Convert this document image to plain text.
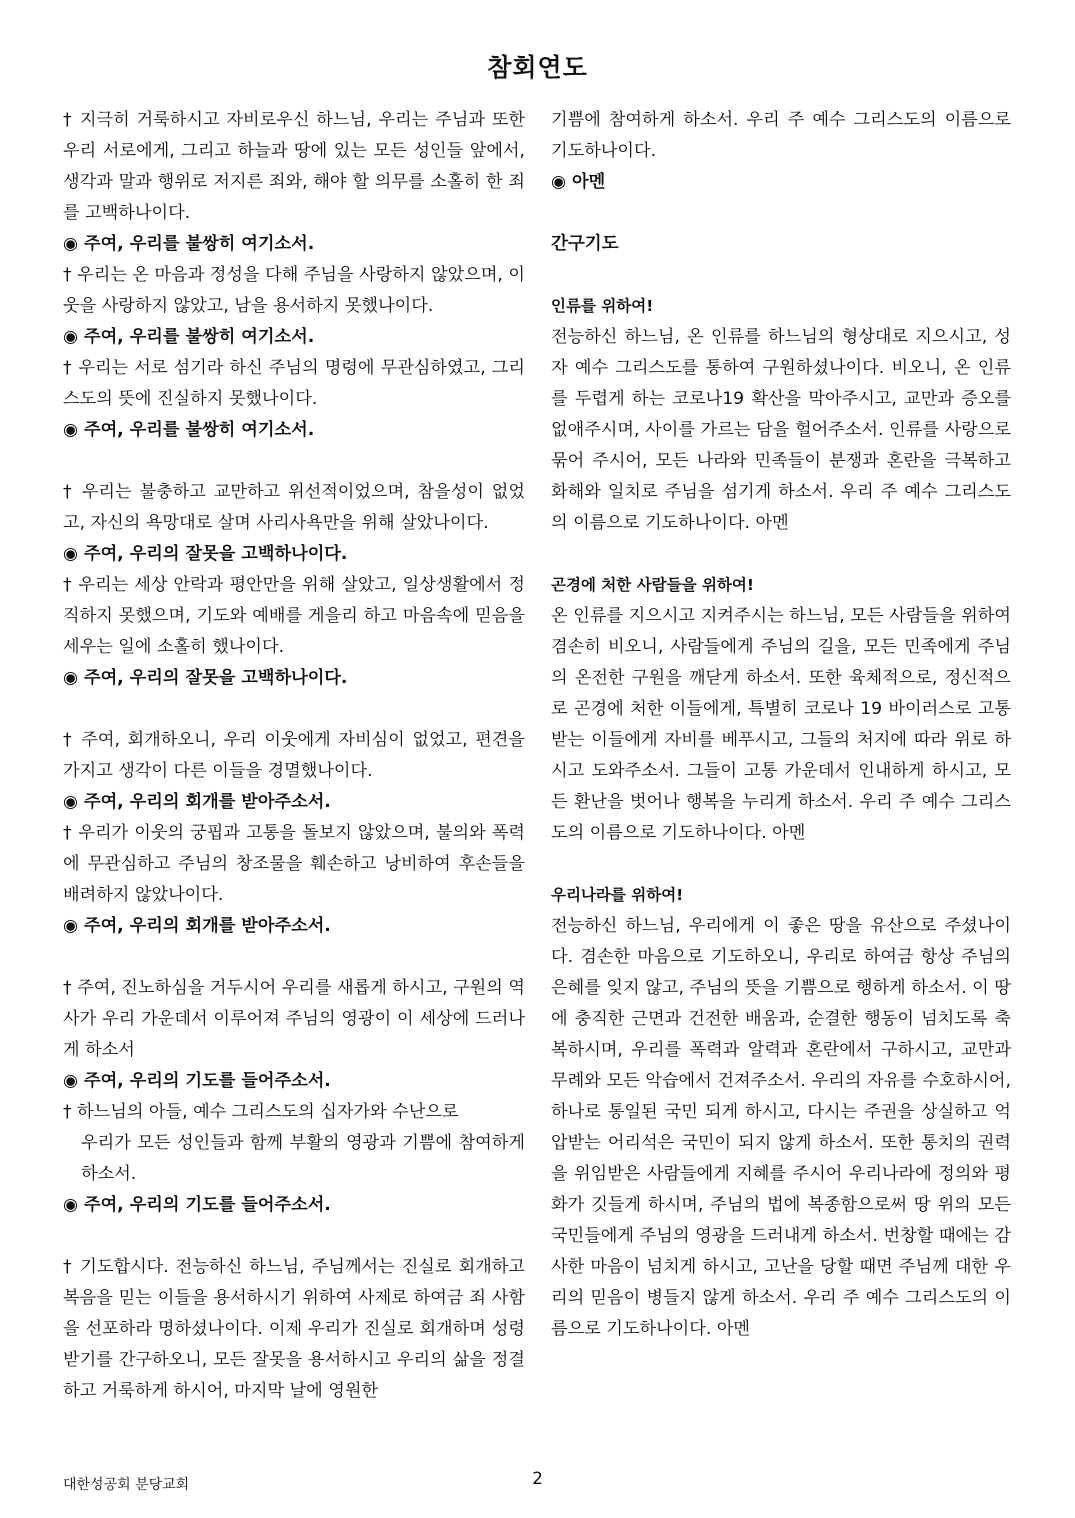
참회연도

† 지극히 거룩하시고 자비로우신 하느님, 우리는 주님과 또한 우리 서로에게, 그리고 하늘과 땅에 있는 모든 성인들 앞에서, 생각과 말과 행위로 저지른 죄와, 해야 할 의무를 소홀히 한 죄를 고백하나이다.

◉ 주여, 우리를 불쌍히 여기소서.

† 우리는 온 마음과 정성을 다해 주님을 사랑하지 않았으며, 이웃을 사랑하지 않았고, 남을 용서하지 못했나이다.

◉ 주여, 우리를 불쌍히 여기소서.

† 우리는 서로 섬기라 하신 주님의 명령에 무관심하였고, 그리스도의 뜻에 진실하지 못했나이다.

◉ 주여, 우리를 불쌍히 여기소서.

† 우리는 불충하고 교만하고 위선적이었으며, 참을성이 없었고, 자신의 욕망대로 살며 사리사욕만을 위해 살았나이다.

◉ 주여, 우리의 잘못을 고백하나이다.

† 우리는 세상 안락과 평안만을 위해 살았고, 일상생활에서 정직하지 못했으며, 기도와 예배를 게을리 하고 마음속에 믿음을 세우는 일에 소홀히 했나이다.

◉ 주여, 우리의 잘못을 고백하나이다.

† 주여, 회개하오니, 우리 이웃에게 자비심이 없었고, 편견을 가지고 생각이 다른 이들을 경멸했나이다.

◉ 주여, 우리의 회개를 받아주소서.

† 우리가 이웃의 궁핍과 고통을 돌보지 않았으며, 불의와 폭력에 무관심하고 주님의 창조물을 훼손하고 낭비하여 후손들을 배려하지 않았나이다.

◉ 주여, 우리의 회개를 받아주소서.

† 주여, 진노하심을 거두시어 우리를 새롭게 하시고, 구원의 역사가 우리 가운데서 이루어져 주님의 영광이 이 세상에 드러나게 하소서

◉ 주여, 우리의 기도를 들어주소서.

† 하느님의 아들, 예수 그리스도의 십자가와 수난으로

우리가 모든 성인들과 함께 부활의 영광과 기쁨에 참여하게 하소서.

◉ 주여, 우리의 기도를 들어주소서.

† 기도합시다. 전능하신 하느님, 주님께서는 진실로 회개하고 복음을 믿는 이들을 용서하시기 위하여 사제로 하여금 죄 사함을 선포하라 명하셨나이다. 이제 우리가 진실로 회개하며 성령 받기를 간구하오니, 모든 잘못을 용서하시고 우리의 삶을 정결하고 거룩하게 하시어, 마지막 날에 영원한

기쁨에 참여하게 하소서. 우리 주 예수 그리스도의 이름으로 기도하나이다.

◉ 아멘

간구기도

인류를 위하여!

전능하신 하느님, 온 인류를 하느님의 형상대로 지으시고, 성자 예수 그리스도를 통하여 구원하셨나이다. 비오니, 온 인류를 두렵게 하는 코로나19 확산을 막아주시고, 교만과 증오를 없애주시며, 사이를 가르는 담을 헐어주소서. 인류를 사랑으로 묶어 주시어, 모든 나라와 민족들이 분쟁과 혼란을 극복하고 화해와 일치로 주님을 섬기게 하소서. 우리 주 예수 그리스도의 이름으로 기도하나이다. 아멘

곤경에 처한 사람들을 위하여!

온 인류를 지으시고 지켜주시는 하느님, 모든 사람들을 위하여 겸손히 비오니, 사람들에게 주님의 길을, 모든 민족에게 주님의 온전한 구원을 깨닫게 하소서. 또한 육체적으로, 정신적으로 곤경에 처한 이들에게, 특별히 코로나 19 바이러스로 고통 받는 이들에게 자비를 베푸시고, 그들의 처지에 따라 위로 하시고 도와주소서. 그들이 고통 가운데서 인내하게 하시고, 모든 환난을 벗어나 행복을 누리게 하소서. 우리 주 예수 그리스도의 이름으로 기도하나이다. 아멘

우리나라를 위하여!

전능하신 하느님, 우리에게 이 좋은 땅을 유산으로 주셨나이다. 겸손한 마음으로 기도하오니, 우리로 하여금 항상 주님의 은혜를 잊지 않고, 주님의 뜻을 기쁨으로 행하게 하소서. 이 땅에 충직한 근면과 건전한 배움과, 순결한 행동이 넘치도록 축복하시며, 우리를 폭력과 알력과 혼란에서 구하시고, 교만과 무례와 모든 악습에서 건져주소서. 우리의 자유를 수호하시어, 하나로 통일된 국민 되게 하시고, 다시는 주권을 상실하고 억압받는 어리석은 국민이 되지 않게 하소서. 또한 통치의 권력을 위임받은 사람들에게 지혜를 주시어 우리나라에 정의와 평화가 깃들게 하시며, 주님의 법에 복종함으로써 땅 위의 모든 국민들에게 주님의 영광을 드러내게 하소서. 번창할 때에는 감사한 마음이 넘치게 하시고, 고난을 당할 때면 주님께 대한 우리의 믿음이 병들지 않게 하소서. 우리 주 예수 그리스도의 이름으로 기도하나이다. 아멘

대한성공회 분당교회	2
